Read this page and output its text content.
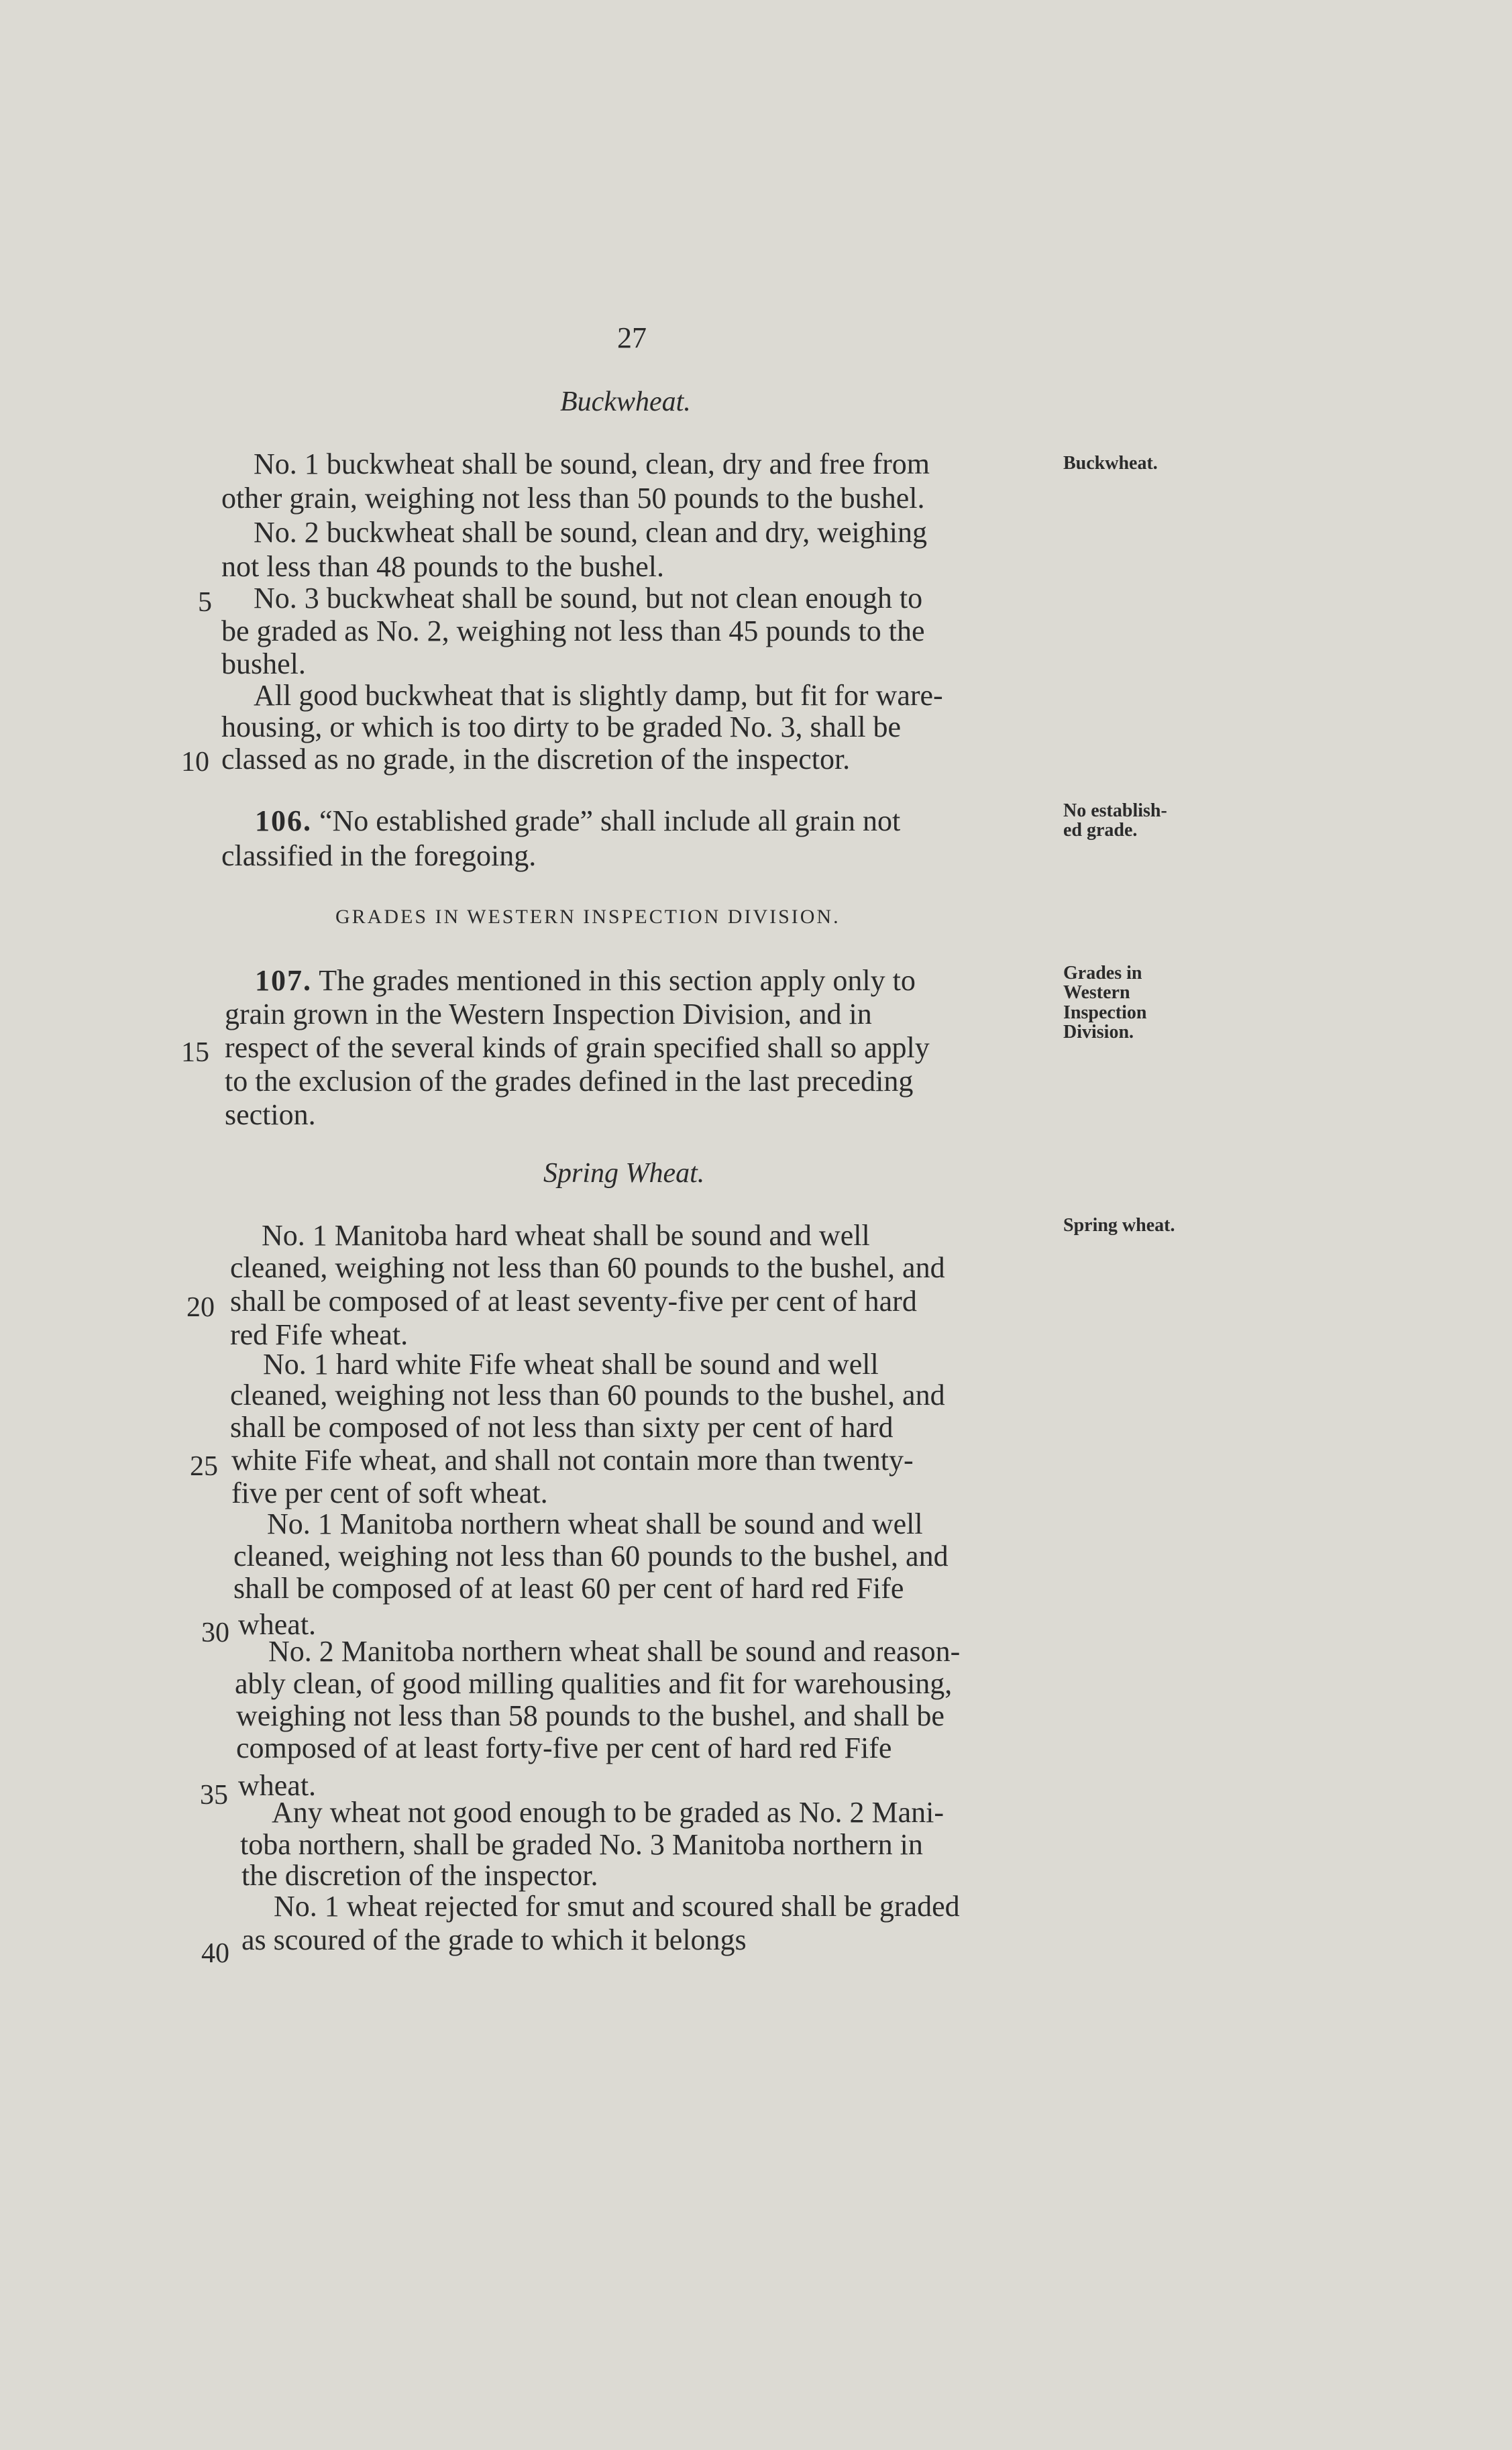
27
Buckwheat.
No. 1 buckwheat shall be sound, clean, dry and free from	Buckwheat.
other grain, weighing not less than 50 pounds to the bushel.
No. 2 buckwheat shall be sound, clean and dry, weighing
not less than 48 pounds to the bushel.
5 No. 3 buckwheat shall be sound, but not clean enough to
be graded as No. 2, weighing not less than 45 pounds to the
bushel.
All good buckwheat that is slightly damp, but fit for ware-
housing, or which is too dirty to be graded No. 3, shall be
10 classed as no grade, in the discretion of the inspector.
106. “No established grade” shall include all grain not	No establish-
ed grade.
classified in the foregoing.
GRADES IN WESTERN INSPECTION DIVISION.
107. The grades mentioned in this section apply only to	Grades in
Western
Inspection
Division.
grain grown in the Western Inspection Division, and in
15 respect of the several kinds of grain specified shall so apply
to the exclusion of the grades defined in the last preceding
section.
Spring Wheat.
No. 1 Manitoba hard wheat shall be sound and well	Spring wheat.
cleaned, weighing not less than 60 pounds to the bushel, and
20 shall be composed of at least seventy-five per cent of hard
red Fife wheat.
No. 1 hard white Fife wheat shall be sound and well
cleaned, weighing not less than 60 pounds to the bushel, and
shall be composed of not less than sixty per cent of hard
25 white Fife wheat, and shall not contain more than twenty-
five per cent of soft wheat.
No. 1 Manitoba northern wheat shall be sound and well
cleaned, weighing not less than 60 pounds to the bushel, and
shall be composed of at least 60 per cent of hard red Fife
30 wheat.
No. 2 Manitoba northern wheat shall be sound and reason-
ably clean, of good milling qualities and fit for warehousing,
weighing not less than 58 pounds to the bushel, and shall be
composed of at least forty-five per cent of hard red Fife
35 wheat.
Any wheat not good enough to be graded as No. 2 Mani-
toba northern, shall be graded No. 3 Manitoba northern in
the discretion of the inspector.
No. 1 wheat rejected for smut and scoured shall be graded
40 as scoured of the grade to which it belongs
